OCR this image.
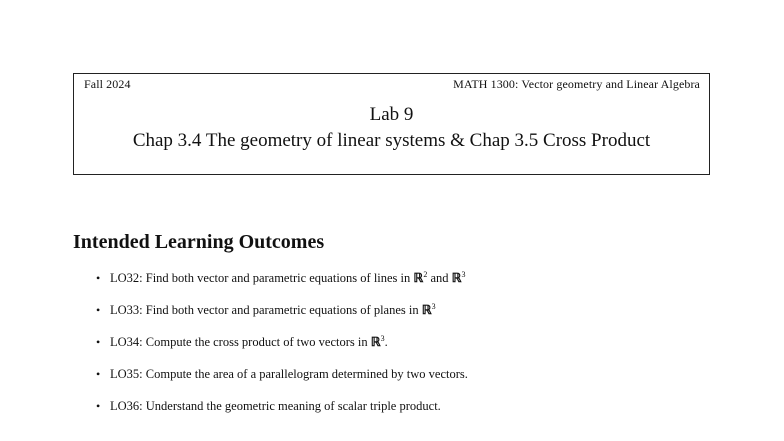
Fall 2024	MATH 1300: Vector geometry and Linear Algebra
Lab 9
Chap 3.4 The geometry of linear systems & Chap 3.5 Cross Product
Intended Learning Outcomes
• LO32: Find both vector and parametric equations of lines in ℝ$^2$ and ℝ$^3$
• LO33: Find both vector and parametric equations of planes in ℝ$^3$
• LO34: Compute the cross product of two vectors in ℝ$^3$.
• LO35: Compute the area of a parallelogram determined by two vectors.
• LO36: Understand the geometric meaning of scalar triple product.
